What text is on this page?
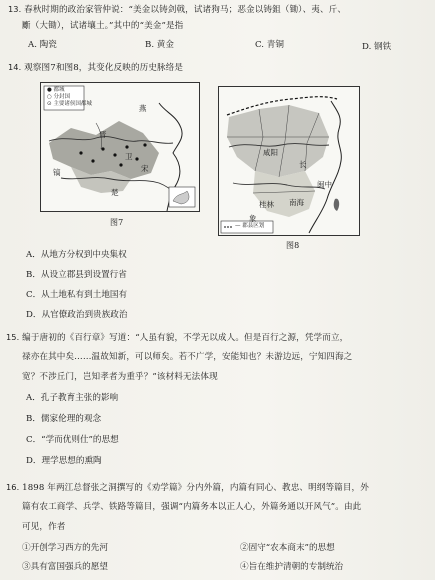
13. 春秋时期的政治家管仲说：“美金以铸剑戟，试诸狗马；恶金以铸鉏（锄）、夷、斤、
斸（大锄），试诸壤土。”其中的“美金”是指
A. 陶瓷	B. 黄金	C. 青铜	D. 钢铁
14. 观察图7和图8，其变化反映的历史脉络是
● 都城
○ 分封国
⊙ 主要诸侯国都城	燕
晋
卫
宋
楚
镐
图7	— 郡县区划
咸阳
南海
桂林
象
闽中
长
图8
A．从地方分权到中央集权
B．从设立郡县到设置行省
C．从土地私有到土地国有
D．从官僚政治到贵族政治
15. 编于唐初的《百行章》写道：“人虽有貌，不学无以成人。但是百行之源，凭学而立，
禄亦在其中矣……温故知新，可以师矣。若不广学，安能知也？未游边远，宁知四海之
宽？不涉丘门，岂知孝者为重乎？”该材料无法体现
A．孔子教育主张的影响
B．儒家伦理的观念
C．“学而优则仕”的思想
D．理学思想的熏陶
16. 1898 年两江总督张之洞撰写的《劝学篇》分内外篇，内篇有同心、教忠、明纲等篇目，外
篇有农工商学、兵学、铁路等篇目，强调“内篇务本以正人心，外篇务通以开风气”。由此
可见，作者
①开创学习西方的先河	②固守“农本商末”的思想
③具有富国强兵的愿望	④旨在维护清朝的专制统治
